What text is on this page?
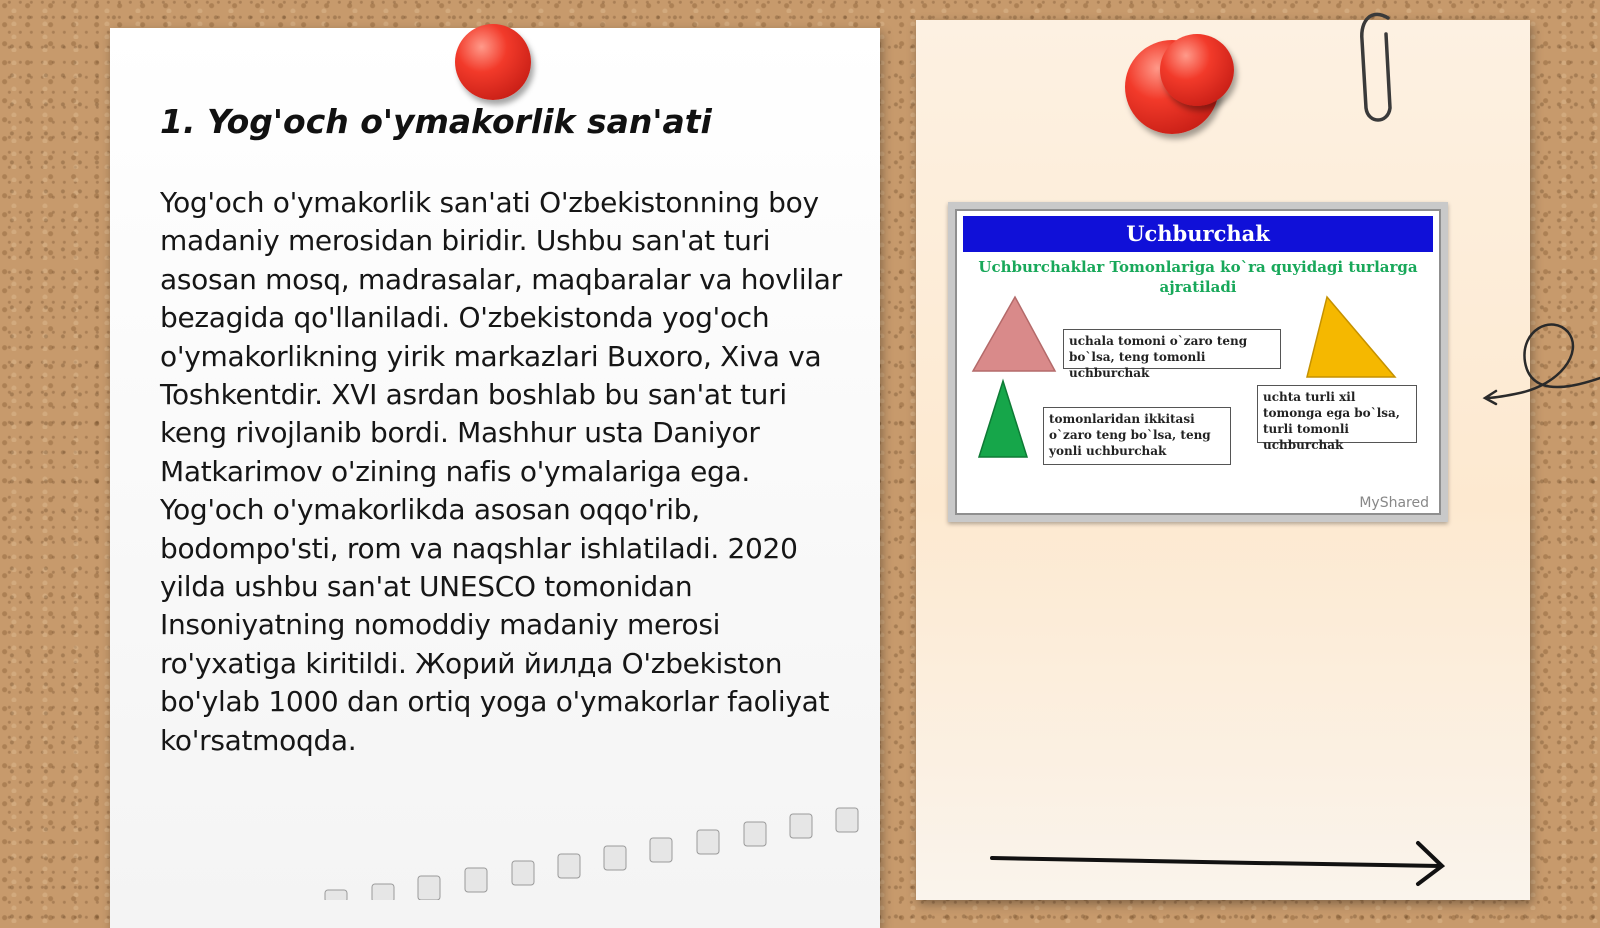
1. Yog'och o'ymakorlik san'ati

Yog'och o'ymakorlik san'ati O'zbekistonning boy madaniy merosidan biridir. Ushbu san'at turi asosan mosq, madrasalar, maqbaralar va hovlilar bezagida qo'llaniladi. O'zbekistonda yog'och o'ymakorlikning yirik markazlari Buxoro, Xiva va Toshkentdir. XVI asrdan boshlab bu san'at turi keng rivojlanib bordi. Mashhur usta Daniyor Matkarimov o'zining nafis o'ymalariga ega. Yog'och o'ymakorlikda asosan oqqo'rib, bodompo'sti, rom va naqshlar ishlatiladi. 2020 yilda ushbu san'at UNESCO tomonidan Insoniyatning nomoddiy madaniy merosi ro'yxatiga kiritildi. Жорий йилда O'zbekiston bo'ylab 1000 dan ortiq yoga o'ymakorlar faoliyat ko'rsatmoqda.

Uchburchak
Uchburchaklar Tomonlariga ko`ra quyidagi turlarga ajratiladi
uchala tomoni o`zaro teng bo`lsa, teng tomonli uchburchak
uchta turli xil tomonga ega bo`lsa, turli tomonli uchburchak
tomonlaridan ikkitasi o`zaro teng bo`lsa, teng yonli uchburchak
MyShared
